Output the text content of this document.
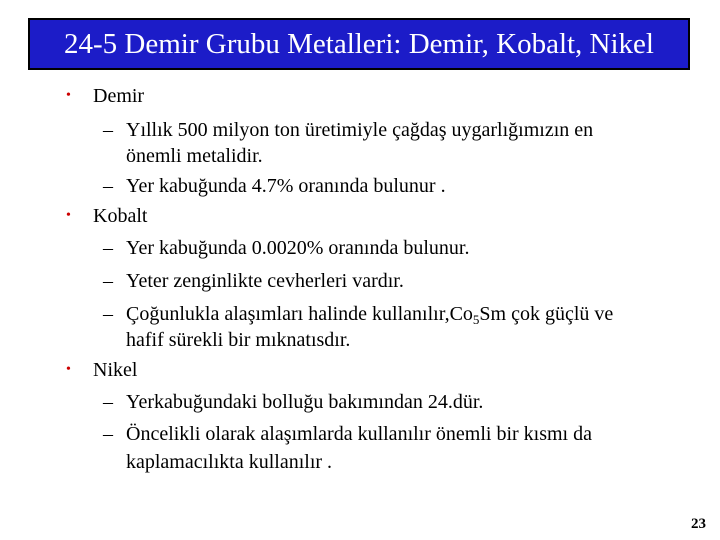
24-5 Demir Grubu Metalleri: Demir, Kobalt, Nikel
• Demir
– Yıllık 500 milyon ton üretimiyle çağdaş uygarlığımızın en
önemli metalidir.
– Yer kabuğunda 4.7% oranında bulunur .
• Kobalt
– Yer kabuğunda 0.0020% oranında bulunur.
– Yeter zenginlikte cevherleri vardır.
– Çoğunlukla alaşımları halinde $kullanılır,Co_5Sm$ çok güçlü ve
hafif sürekli bir mıknatısdır.
• Nikel
– Yerkabuğundaki bolluğu bakımından 24.dür.
– Öncelikli olarak alaşımlarda kullanılır önemli bir kısmı da
kaplamacılıkta kullanılır .
23
